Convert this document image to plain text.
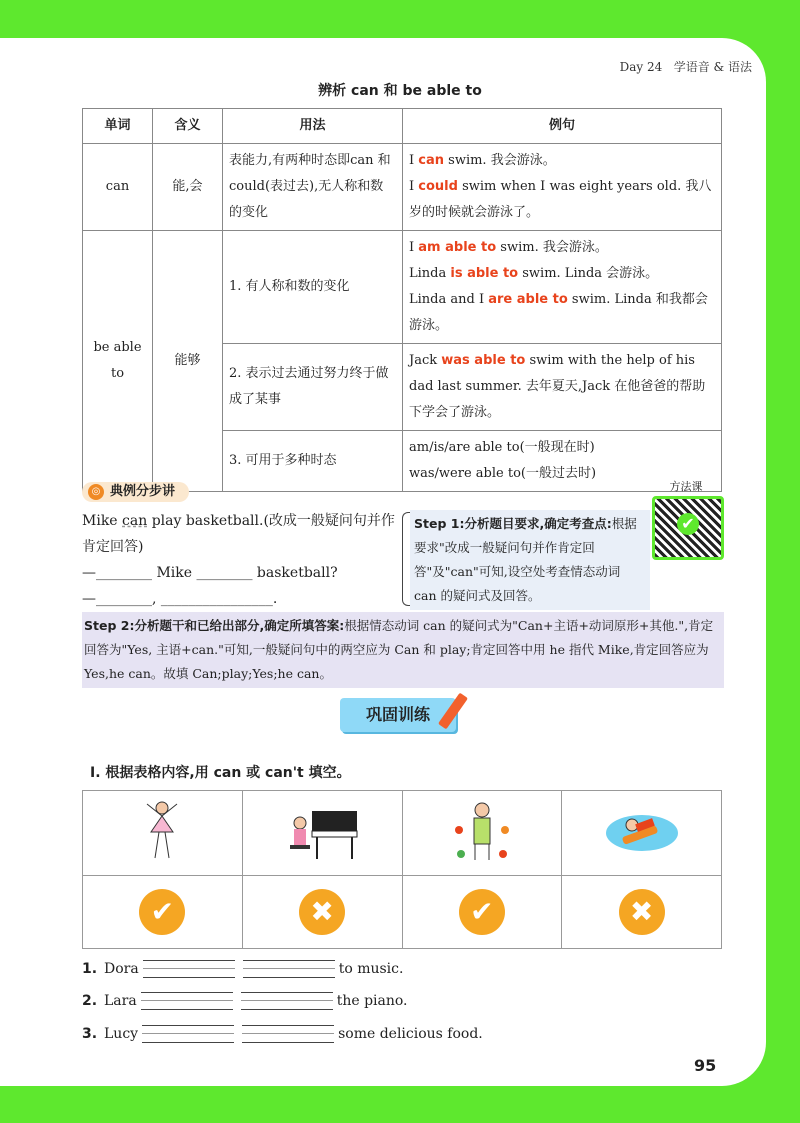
Day 24 学语音 & 语法
辨析 can 和 be able to
单词	含义	用法	例句
can	能,会	表能力,有两种时态即can 和 could(表过去),无人称和数的变化	I can swim. 我会游泳。
I could swim when I was eight years old. 我八岁的时候就会游泳了。

be able to	能够	1. 有人称和数的变化	I am able to swim. 我会游泳。
Linda is able to swim. Linda 会游泳。
Linda and I are able to swim. Linda 和我都会游泳。

		2. 表示过去通过努力终于做成了某事	Jack was able to swim with the help of his dad last summer. 去年夏天,Jack 在他爸爸的帮助下学会了游泳。
		3. 可用于多种时态	am/is/are able to(一般现在时)
was/were able to(一般过去时)
◎ 典例分步讲
Mike can play basketball.(改成一般疑问句并作肯定回答)
—________ Mike ________ basketball?
—________, ________________.
Step 1:分析题目要求,确定考查点:根据要求"改成一般疑问句并作肯定回答"及"can"可知,设空处考查情态动词 can 的疑问式及回答。
方法课
✔
Step 2:分析题干和已给出部分,确定所填答案:根据情态动词 can 的疑问式为"Can+主语+动词原形+其他.",肯定回答为"Yes, 主语+can."可知,一般疑问句中的两空应为 Can 和 play;肯定回答中用 he 指代 Mike,肯定回答应为 Yes,he can。故填 Can;play;Yes;he can。
巩固训练
Ⅰ. 根据表格内容,用 can 或 can't 填空。

✔	✖	✔	✖
1. Dora	to music.
2. Lara	the piano.
3. Lucy	some delicious food.
95
